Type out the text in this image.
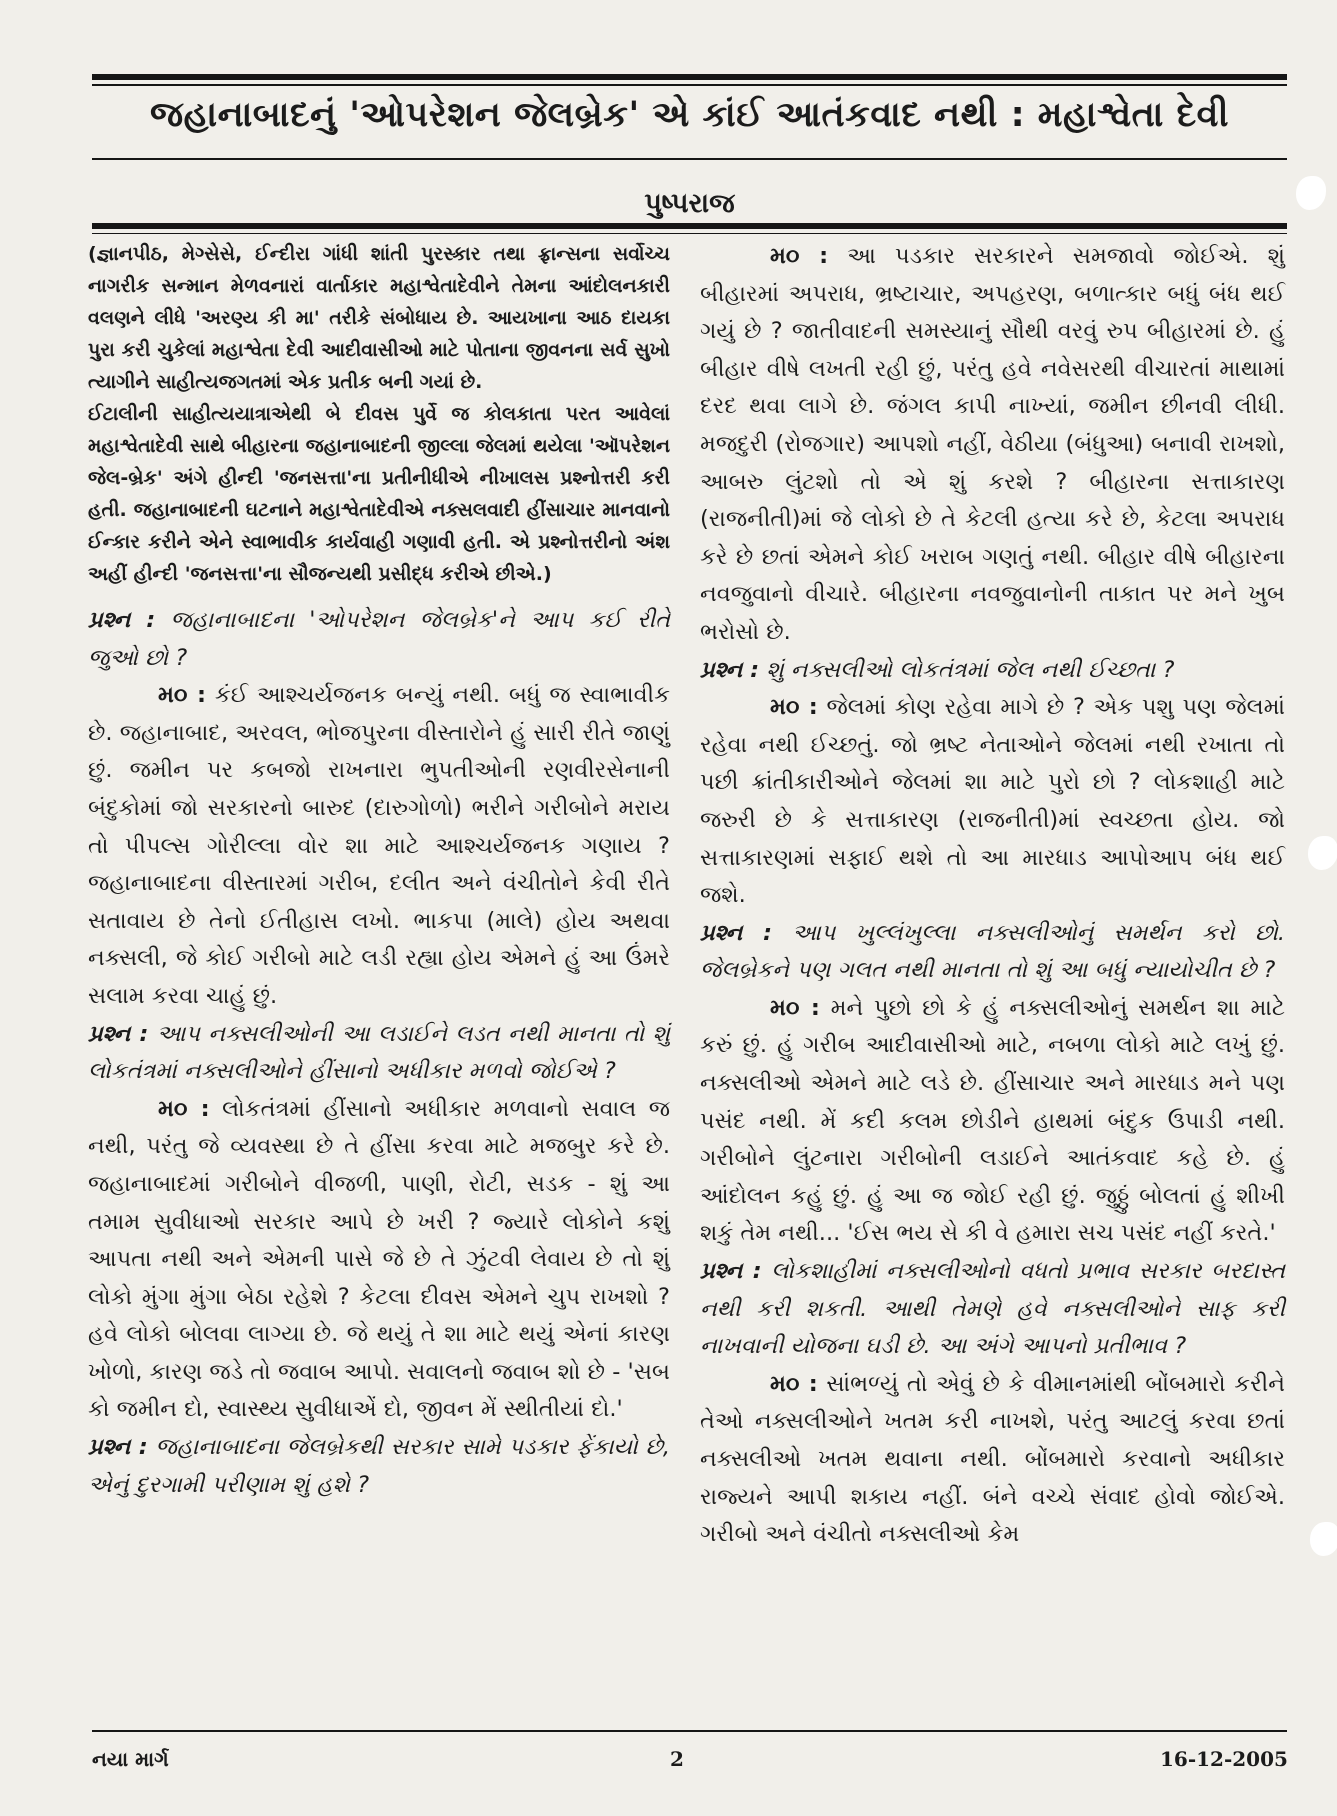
જહાનાબાદનું 'ઓપરેશન જેલબ્રેક' એ કાંઈ આતંકવાદ નથી : મહાશ્વેતા દેવી
પુષ્પરાજ

(જ્ઞાનપીઠ, મેગ્સેસે, ઈન્દીરા ગાંધી શાંતી પુરસ્કાર તથા ફ્રાન્સના સર્વોચ્ચ નાગરીક સન્માન મેળવનારાં વાર્તાકાર મહાશ્વેતાદેવીને તેમના આંદોલનકારી વલણને લીધે 'અરણ્ય કી મા' તરીકે સંબોધાય છે. આયખાના આઠ દાયકા પુરા કરી ચુકેલાં મહાશ્વેતા દેવી આદીવાસીઓ માટે પોતાના જીવનના સર્વ સુખો ત્યાગીને સાહીત્યજગતમાં એક પ્રતીક બની ગયાં છે.

ઈટાલીની સાહીત્યયાત્રાએથી બે દીવસ પુર્વે જ કોલકાતા પરત આવેલાં મહાશ્વેતાદેવી સાથે બીહારના જહાનાબાદની જીલ્લા જેલમાં થયેલા 'ઑપરેશન જેલ-બ્રેક' અંગે હીન્દી 'જનસત્તા'ના પ્રતીનીધીએ નીખાલસ પ્રશ્નોત્તરી કરી હતી. જહાનાબાદની ઘટનાને મહાશ્વેતાદેવીએ નક્સલવાદી હીંસાચાર માનવાનો ઈન્કાર કરીને એને સ્વાભાવીક કાર્યવાહી ગણાવી હતી. એ પ્રશ્નોત્તરીનો અંશ અહીં હીન્દી 'જનસત્તા'ના સૌજન્યથી પ્રસીદ્ધ કરીએ છીએ.)

પ્રશ્ન : જહાનાબાદના 'ઓપરેશન જેલબ્રેક'ને આપ કઈ રીતે જુઓ છો ?

મ૦ : કંઈ આશ્ચર્યજનક બન્યું નથી. બધું જ સ્વાભાવીક છે. જહાનાબાદ, અરવલ, ભોજપુરના વીસ્તારોને હું સારી રીતે જાણું છું. જમીન પર કબજો રાખનારા ભુપતીઓની રણવીરસેનાની બંદુકોમાં જો સરકારનો બારુદ (દારુગોળો) ભરીને ગરીબોને મરાય તો પીપલ્સ ગોરીલ્લા વોર શા માટે આશ્ચર્યજનક ગણાય ? જહાનાબાદના વીસ્તારમાં ગરીબ, દલીત અને વંચીતોને કેવી રીતે સતાવાય છે તેનો ઈતીહાસ લખો. ભાકપા (માલે) હોય અથવા નક્સલી, જે કોઈ ગરીબો માટે લડી રહ્યા હોય એમને હું આ ઉંમરે સલામ કરવા ચાહું છું.

પ્રશ્ન : આપ નક્સલીઓની આ લડાઈને લડત નથી માનતા તો શું લોકતંત્રમાં નક્સલીઓને હીંસાનો અધીકાર મળવો જોઈએ ?

મ૦ : લોકતંત્રમાં હીંસાનો અધીકાર મળવાનો સવાલ જ નથી, પરંતુ જે વ્યવસ્થા છે તે હીંસા કરવા માટે મજબુર કરે છે. જહાનાબાદમાં ગરીબોને વીજળી, પાણી, રોટી, સડક - શું આ તમામ સુવીધાઓ સરકાર આપે છે ખરી ? જ્યારે લોકોને કશું આપતા નથી અને એમની પાસે જે છે તે ઝુંટવી લેવાય છે તો શું લોકો મુંગા મુંગા બેઠા રહેશે ? કેટલા દીવસ એમને ચુપ રાખશો ? હવે લોકો બોલવા લાગ્યા છે. જે થયું તે શા માટે થયું એનાં કારણ ખોળો, કારણ જડે તો જવાબ આપો. સવાલનો જવાબ શો છે - 'સબ કો જમીન દો, સ્વાસ્થ્ય સુવીધાએં દો, જીવન મેં સ્થીતીયાં દો.'

પ્રશ્ન : જહાનાબાદના જેલબ્રેકથી સરકાર સામે પડકાર ફેંકાયો છે, એનું દુરગામી પરીણામ શું હશે ?

મ૦ : આ પડકાર સરકારને સમજાવો જોઈએ. શું બીહારમાં અપરાધ, ભ્રષ્ટાચાર, અપહરણ, બળાત્કાર બધું બંધ થઈ ગયું છે ? જાતીવાદની સમસ્યાનું સૌથી વરવું રુપ બીહારમાં છે. હું બીહાર વીષે લખતી રહી છું, પરંતુ હવે નવેસરથી વીચારતાં માથામાં દરદ થવા લાગે છે. જંગલ કાપી નાખ્યાં, જમીન છીનવી લીધી. મજદુરી (રોજગાર) આપશો નહીં, વેઠીયા (બંધુઆ) બનાવી રાખશો, આબરુ લુંટશો તો એ શું કરશે ? બીહારના સત્તાકારણ (રાજનીતી)માં જે લોકો છે તે કેટલી હત્યા કરે છે, કેટલા અપરાધ કરે છે છતાં એમને કોઈ ખરાબ ગણતું નથી. બીહાર વીષે બીહારના નવજુવાનો વીચારે. બીહારના નવજુવાનોની તાકાત પર મને ખુબ ભરોસો છે.

પ્રશ્ન : શું નક્સલીઓ લોકતંત્રમાં જેલ નથી ઈચ્છતા ?

મ૦ : જેલમાં કોણ રહેવા માગે છે ? એક પશુ પણ જેલમાં રહેવા નથી ઈચ્છતું. જો ભ્રષ્ટ નેતાઓને જેલમાં નથી રખાતા તો પછી ક્રાંતીકારીઓને જેલમાં શા માટે પુરો છો ? લોકશાહી માટે જરુરી છે કે સત્તાકારણ (રાજનીતી)માં સ્વચ્છતા હોય. જો સત્તાકારણમાં સફાઈ થશે તો આ મારધાડ આપોઆપ બંધ થઈ જશે.

પ્રશ્ન : આપ ખુલ્લંખુલ્લા નક્સલીઓનું સમર્થન કરો છો. જેલબ્રેકને પણ ગલત નથી માનતા તો શું આ બધું ન્યાયોચીત છે ?

મ૦ : મને પુછો છો કે હું નક્સલીઓનું સમર્થન શા માટે કરું છું. હું ગરીબ આદીવાસીઓ માટે, નબળા લોકો માટે લખું છું. નક્સલીઓ એમને માટે લડે છે. હીંસાચાર અને મારધાડ મને પણ પસંદ નથી. મેં કદી કલમ છોડીને હાથમાં બંદુક ઉપાડી નથી. ગરીબોને લુંટનારા ગરીબોની લડાઈને આતંકવાદ કહે છે. હું આંદોલન કહું છું. હું આ જ જોઈ રહી છું. જુઠ્ઠું બોલતાં હું શીખી શકું તેમ નથી... 'ઈસ ભય સે કી વે હમારા સચ પસંદ નહીં કરતે.'

પ્રશ્ન : લોકશાહીમાં નક્સલીઓનો વધતો પ્રભાવ સરકાર બરદાસ્ત નથી કરી શકતી. આથી તેમણે હવે નક્સલીઓને સાફ કરી નાખવાની યોજના ઘડી છે. આ અંગે આપનો પ્રતીભાવ ?

મ૦ : સાંભળ્યું તો એવું છે કે વીમાનમાંથી બોંબમારો કરીને તેઓ નક્સલીઓને ખતમ કરી નાખશે, પરંતુ આટલું કરવા છતાં નક્સલીઓ ખતમ થવાના નથી. બોંબમારો કરવાનો અધીકાર રાજ્યને આપી શકાય નહીં. બંને વચ્ચે સંવાદ હોવો જોઈએ. ગરીબો અને વંચીતો નક્સલીઓ કેમ

નયા માર્ગ	2	16-12-2005
